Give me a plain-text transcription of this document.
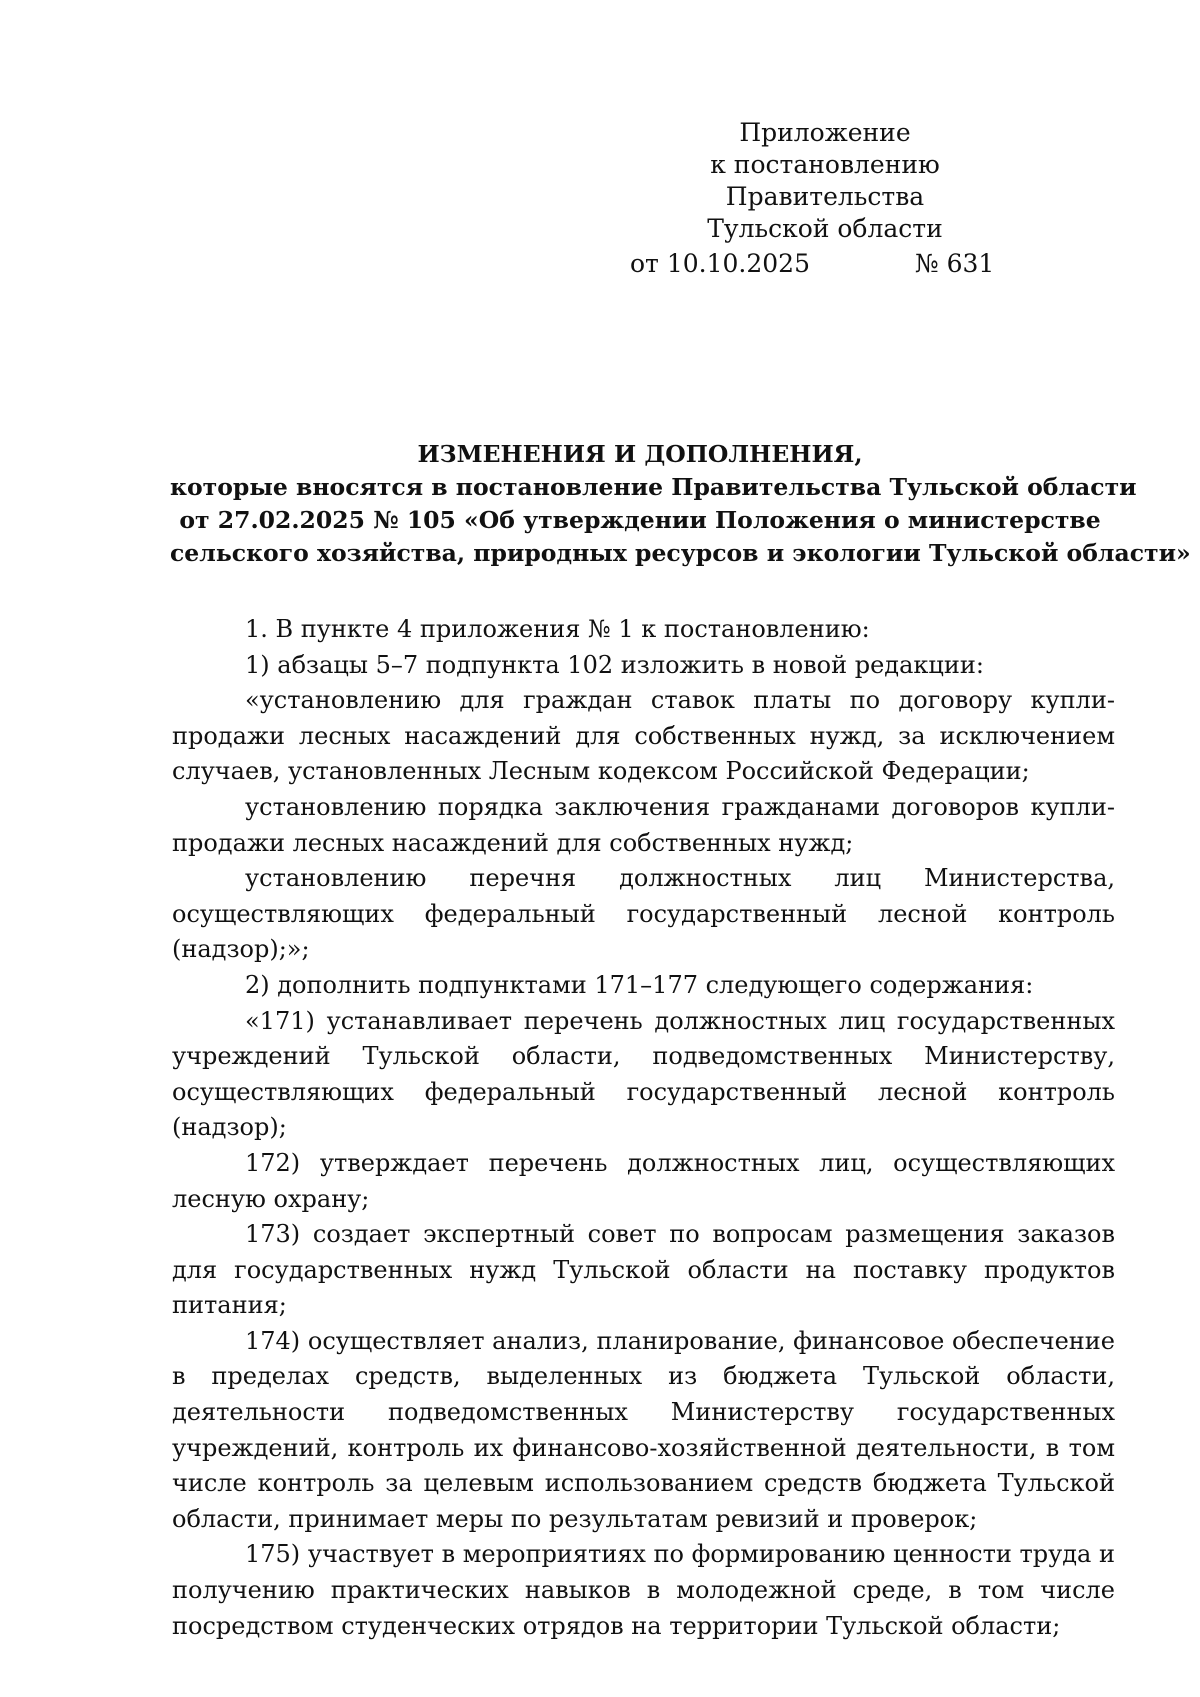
Приложение
к постановлению Правительства
Тульской области
от 10.10.2025	№ 631
ИЗМЕНЕНИЯ И ДОПОЛНЕНИЯ,
которые вносятся в постановление Правительства Тульской области
от 27.02.2025 № 105 «Об утверждении Положения о министерстве
сельского хозяйства, природных ресурсов и экологии Тульской области»

1. В пункте 4 приложения № 1 к постановлению:

1) абзацы 5–7 подпункта 102 изложить в новой редакции:

«установлению для граждан ставок платы по договору купли-продажи лесных насаждений для собственных нужд, за исключением случаев, установленных Лесным кодексом Российской Федерации;

установлению порядка заключения гражданами договоров купли-продажи лесных насаждений для собственных нужд;

установлению перечня должностных лиц Министерства, осуществляющих федеральный государственный лесной контроль (надзор);»;

2) дополнить подпунктами 171–177 следующего содержания:

«171) устанавливает перечень должностных лиц государственных учреждений Тульской области, подведомственных Министерству, осуществляющих федеральный государственный лесной контроль (надзор);

172) утверждает перечень должностных лиц, осуществляющих лесную охрану;

173) создает экспертный совет по вопросам размещения заказов для государственных нужд Тульской области на поставку продуктов питания;

174) осуществляет анализ, планирование, финансовое обеспечение в пределах средств, выделенных из бюджета Тульской области, деятельности подведомственных Министерству государственных учреждений, контроль их финансово-хозяйственной деятельности, в том числе контроль за целевым использованием средств бюджета Тульской области, принимает меры по результатам ревизий и проверок;

175) участвует в мероприятиях по формированию ценности труда и получению практических навыков в молодежной среде, в том числе посредством студенческих отрядов на территории Тульской области;
